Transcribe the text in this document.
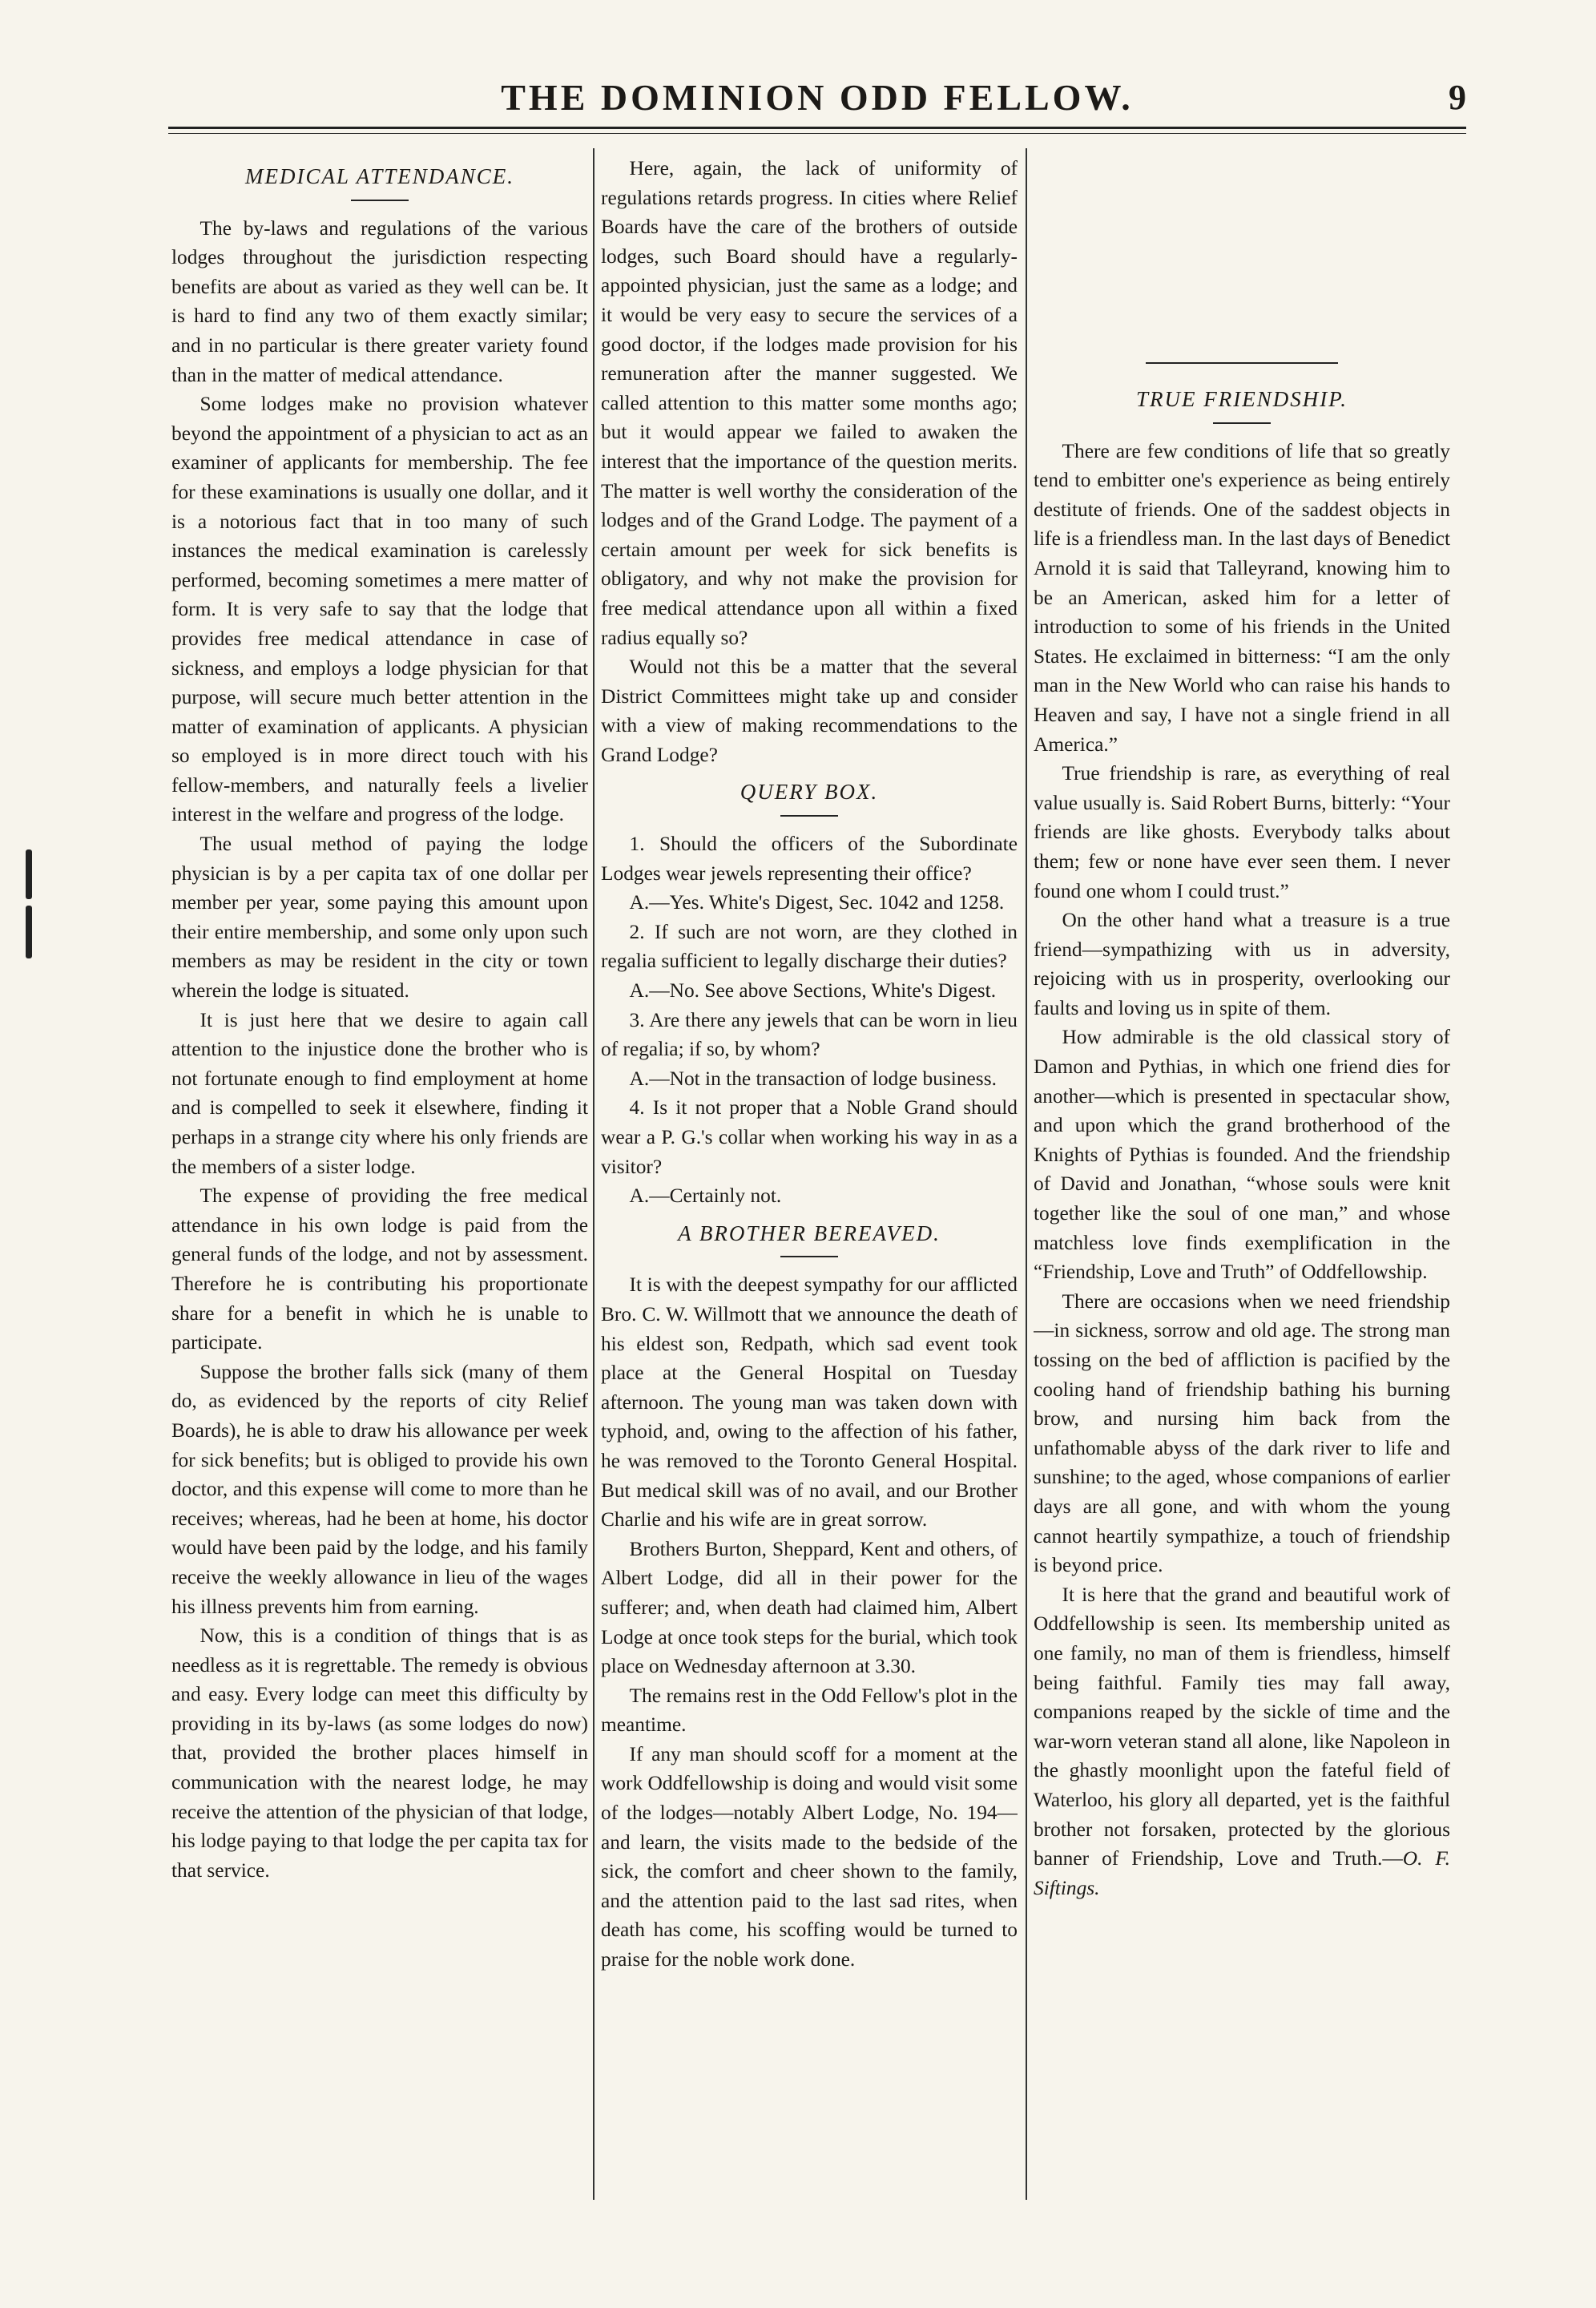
THE DOMINION ODD FELLOW.	9
MEDICAL ATTENDANCE.

The by-laws and regulations of the various lodges throughout the jurisdiction respecting benefits are about as varied as they well can be. It is hard to find any two of them exactly similar; and in no particular is there greater variety found than in the matter of medical attendance.

Some lodges make no provision whatever beyond the appointment of a physician to act as an examiner of applicants for membership. The fee for these examinations is usually one dollar, and it is a notorious fact that in too many of such instances the medical examination is carelessly performed, becoming sometimes a mere matter of form. It is very safe to say that the lodge that provides free medical attendance in case of sickness, and employs a lodge physician for that purpose, will secure much better attention in the matter of examination of applicants. A physician so employed is in more direct touch with his fellow-members, and naturally feels a livelier interest in the welfare and progress of the lodge.

The usual method of paying the lodge physician is by a per capita tax of one dollar per member per year, some paying this amount upon their entire membership, and some only upon such members as may be resident in the city or town wherein the lodge is situated.

It is just here that we desire to again call attention to the injustice done the brother who is not fortunate enough to find employment at home and is compelled to seek it elsewhere, finding it perhaps in a strange city where his only friends are the members of a sister lodge.

The expense of providing the free medical attendance in his own lodge is paid from the general funds of the lodge, and not by assessment. Therefore he is contributing his proportionate share for a benefit in which he is unable to participate.

Suppose the brother falls sick (many of them do, as evidenced by the reports of city Relief Boards), he is able to draw his allowance per week for sick benefits; but is obliged to provide his own doctor, and this expense will come to more than he receives; whereas, had he been at home, his doctor would have been paid by the lodge, and his family receive the weekly allowance in lieu of the wages his illness prevents him from earning.

Now, this is a condition of things that is as needless as it is regrettable. The remedy is obvious and easy. Every lodge can meet this difficulty by providing in its by-laws (as some lodges do now) that, provided the brother places himself in communication with the nearest lodge, he may receive the attention of the physician of that lodge, his lodge paying to that lodge the per capita tax for that service.

Here, again, the lack of uniformity of regulations retards progress. In cities where Relief Boards have the care of the brothers of outside lodges, such Board should have a regularly-appointed physician, just the same as a lodge; and it would be very easy to secure the services of a good doctor, if the lodges made provision for his remuneration after the manner suggested. We called attention to this matter some months ago; but it would appear we failed to awaken the interest that the importance of the question merits. The matter is well worthy the consideration of the lodges and of the Grand Lodge. The payment of a certain amount per week for sick benefits is obligatory, and why not make the provision for free medical attendance upon all within a fixed radius equally so?

Would not this be a matter that the several District Committees might take up and consider with a view of making recommendations to the Grand Lodge?

QUERY BOX.

1. Should the officers of the Subordinate Lodges wear jewels representing their office?

A.—Yes. White's Digest, Sec. 1042 and 1258.

2. If such are not worn, are they clothed in regalia sufficient to legally discharge their duties?

A.—No. See above Sections, White's Digest.

3. Are there any jewels that can be worn in lieu of regalia; if so, by whom?

A.—Not in the transaction of lodge business.

4. Is it not proper that a Noble Grand should wear a P. G.'s collar when working his way in as a visitor?

A.—Certainly not.

A BROTHER BEREAVED.

It is with the deepest sympathy for our afflicted Bro. C. W. Willmott that we announce the death of his eldest son, Redpath, which sad event took place at the General Hospital on Tuesday afternoon. The young man was taken down with typhoid, and, owing to the affection of his father, he was removed to the Toronto General Hospital. But medical skill was of no avail, and our Brother Charlie and his wife are in great sorrow.

Brothers Burton, Sheppard, Kent and others, of Albert Lodge, did all in their power for the sufferer; and, when death had claimed him, Albert Lodge at once took steps for the burial, which took place on Wednesday afternoon at 3.30.

The remains rest in the Odd Fellow's plot in the meantime.

If any man should scoff for a moment at the work Oddfellowship is doing and would visit some of the lodges—notably Albert Lodge, No. 194—and learn, the visits made to the bedside of the sick, the comfort and cheer shown to the family, and the attention paid to the last sad rites, when death has come, his scoffing would be turned to praise for the noble work done.

TRUE FRIENDSHIP.

There are few conditions of life that so greatly tend to embitter one's experience as being entirely destitute of friends. One of the saddest objects in life is a friendless man. In the last days of Benedict Arnold it is said that Talleyrand, knowing him to be an American, asked him for a letter of introduction to some of his friends in the United States. He exclaimed in bitterness: “I am the only man in the New World who can raise his hands to Heaven and say, I have not a single friend in all America.”

True friendship is rare, as everything of real value usually is. Said Robert Burns, bitterly: “Your friends are like ghosts. Everybody talks about them; few or none have ever seen them. I never found one whom I could trust.”

On the other hand what a treasure is a true friend—sympathizing with us in adversity, rejoicing with us in prosperity, overlooking our faults and loving us in spite of them.

How admirable is the old classical story of Damon and Pythias, in which one friend dies for another—which is presented in spectacular show, and upon which the grand brotherhood of the Knights of Pythias is founded. And the friendship of David and Jonathan, “whose souls were knit together like the soul of one man,” and whose matchless love finds exemplification in the “Friendship, Love and Truth” of Oddfellowship.

There are occasions when we need friendship—in sickness, sorrow and old age. The strong man tossing on the bed of affliction is pacified by the cooling hand of friendship bathing his burning brow, and nursing him back from the unfathomable abyss of the dark river to life and sunshine; to the aged, whose companions of earlier days are all gone, and with whom the young cannot heartily sympathize, a touch of friendship is beyond price.

It is here that the grand and beautiful work of Oddfellowship is seen. Its membership united as one family, no man of them is friendless, himself being faithful. Family ties may fall away, companions reaped by the sickle of time and the war-worn veteran stand all alone, like Napoleon in the ghastly moonlight upon the fateful field of Waterloo, his glory all departed, yet is the faithful brother not forsaken, protected by the glorious banner of Friendship, Love and Truth.—O. F. Siftings.
